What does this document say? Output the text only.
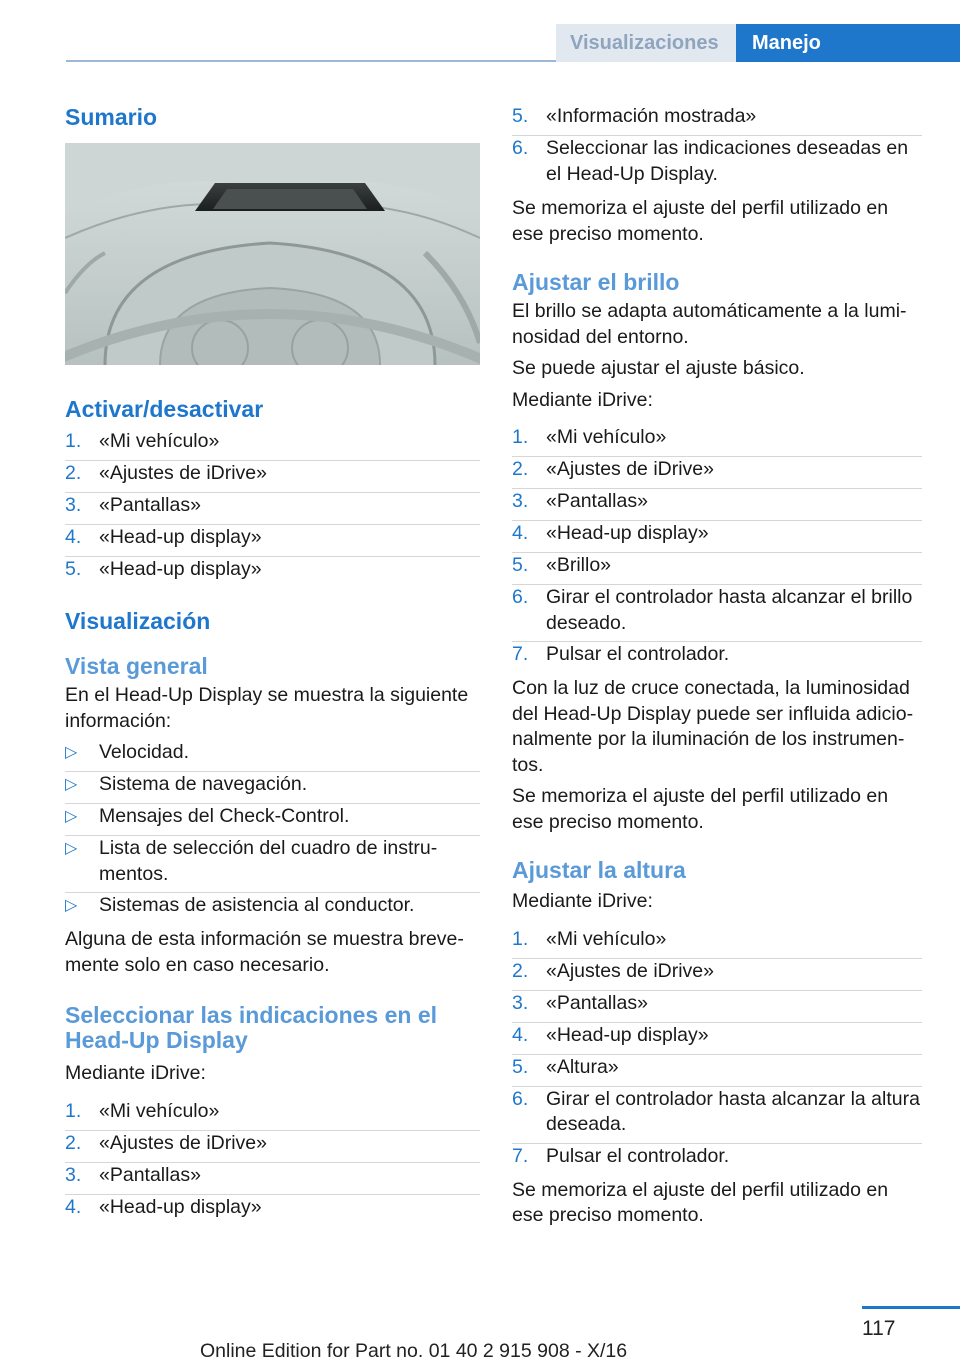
Visualizaciones Manejo
Sumario
Activar/desactivar
1. «Mi vehículo»
2. «Ajustes de iDrive»
3. «Pantallas»
4. «Head-up display»
5. «Head-up display»
Visualización
Vista general

En el Head-Up Display se muestra la siguiente información:

▷ Velocidad.
▷ Sistema de navegación.
▷ Mensajes del Check-Control.
▷ Lista de selección del cuadro de instrumentos.
▷ Sistemas de asistencia al conductor.

Alguna de esta información se muestra brevemente solo en caso necesario.

Seleccionar las indicaciones en el Head-Up Display

Mediante iDrive:

1. «Mi vehículo»
2. «Ajustes de iDrive»
3. «Pantallas»
4. «Head-up display»
5. «Información mostrada»
6. Seleccionar las indicaciones deseadas en el Head-Up Display.

Se memoriza el ajuste del perfil utilizado en ese preciso momento.

Ajustar el brillo

El brillo se adapta automáticamente a la luminosidad del entorno.

Se puede ajustar el ajuste básico.

Mediante iDrive:

1. «Mi vehículo»
2. «Ajustes de iDrive»
3. «Pantallas»
4. «Head-up display»
5. «Brillo»
6. Girar el controlador hasta alcanzar el brillo deseado.
7. Pulsar el controlador.

Con la luz de cruce conectada, la luminosidad del Head-Up Display puede ser influida adicionalmente por la iluminación de los instrumentos.

Se memoriza el ajuste del perfil utilizado en ese preciso momento.

Ajustar la altura

Mediante iDrive:

1. «Mi vehículo»
2. «Ajustes de iDrive»
3. «Pantallas»
4. «Head-up display»
5. «Altura»
6. Girar el controlador hasta alcanzar la altura deseada.
7. Pulsar el controlador.

Se memoriza el ajuste del perfil utilizado en ese preciso momento.

117
Online Edition for Part no. 01 40 2 915 908 - X/16
